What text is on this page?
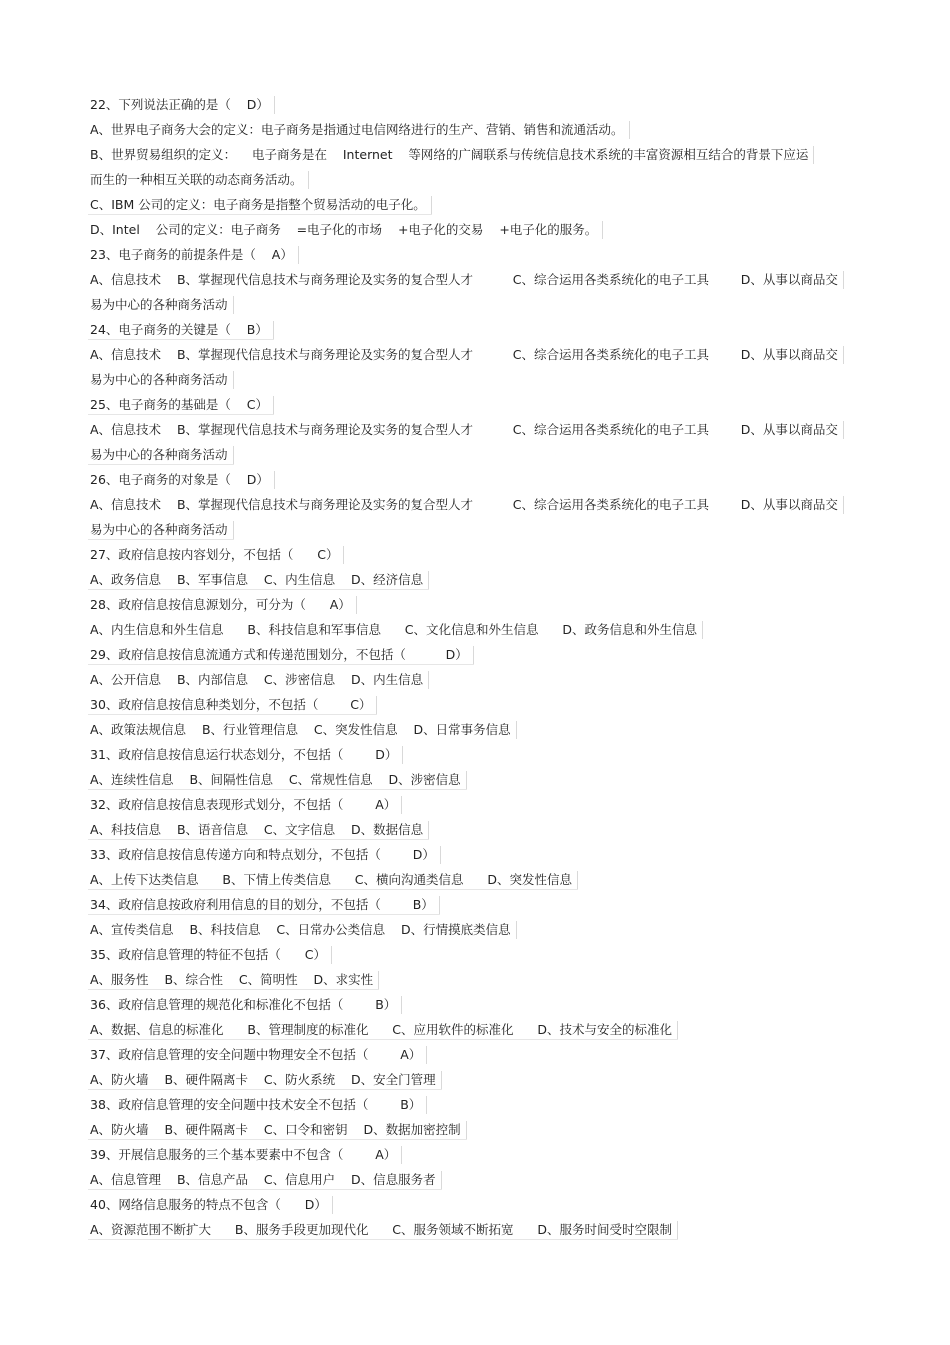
22、下列说法正确的是（    D）
A、世界电子商务大会的定义：电子商务是指通过电信网络进行的生产、营销、销售和流通活动。
B、世界贸易组织的定义：    电子商务是在    Internet    等网络的广阔联系与传统信息技术系统的丰富资源相互结合的背景下应运
而生的一种相互关联的动态商务活动。
C、IBM 公司的定义：电子商务是指整个贸易活动的电子化。
D、Intel    公司的定义：电子商务    =电子化的市场    +电子化的交易    +电子化的服务。
23、电子商务的前提条件是（    A）
A、信息技术    B、掌握现代信息技术与商务理论及实务的复合型人才          C、综合运用各类系统化的电子工具        D、从事以商品交
易为中心的各种商务活动
24、电子商务的关键是（    B）
A、信息技术    B、掌握现代信息技术与商务理论及实务的复合型人才          C、综合运用各类系统化的电子工具        D、从事以商品交
易为中心的各种商务活动
25、电子商务的基础是（    C）
A、信息技术    B、掌握现代信息技术与商务理论及实务的复合型人才          C、综合运用各类系统化的电子工具        D、从事以商品交
易为中心的各种商务活动
26、电子商务的对象是（    D）
A、信息技术    B、掌握现代信息技术与商务理论及实务的复合型人才          C、综合运用各类系统化的电子工具        D、从事以商品交
易为中心的各种商务活动
27、政府信息按内容划分，不包括（      C）
A、政务信息    B、军事信息    C、内生信息    D、经济信息
28、政府信息按信息源划分，可分为（      A）
A、内生信息和外生信息      B、科技信息和军事信息      C、文化信息和外生信息      D、政务信息和外生信息
29、政府信息按信息流通方式和传递范围划分，不包括（          D）
A、公开信息    B、内部信息    C、涉密信息    D、内生信息
30、政府信息按信息种类划分，不包括（        C）
A、政策法规信息    B、行业管理信息    C、突发性信息    D、日常事务信息
31、政府信息按信息运行状态划分，不包括（        D）
A、连续性信息    B、间隔性信息    C、常规性信息    D、涉密信息
32、政府信息按信息表现形式划分，不包括（        A）
A、科技信息    B、语音信息    C、文字信息    D、数据信息
33、政府信息按信息传递方向和特点划分，不包括（        D）
A、上传下达类信息      B、下情上传类信息      C、横向沟通类信息      D、突发性信息
34、政府信息按政府利用信息的目的划分，不包括（        B）
A、宣传类信息    B、科技信息    C、日常办公类信息    D、行情摸底类信息
35、政府信息管理的特征不包括（      C）
A、服务性    B、综合性    C、简明性    D、求实性
36、政府信息管理的规范化和标准化不包括（        B）
A、数据、信息的标准化      B、管理制度的标准化      C、应用软件的标准化      D、技术与安全的标准化
37、政府信息管理的安全问题中物理安全不包括（        A）
A、防火墙    B、硬件隔离卡    C、防火系统    D、安全门管理
38、政府信息管理的安全问题中技术安全不包括（        B）
A、防火墙    B、硬件隔离卡    C、口令和密钥    D、数据加密控制
39、开展信息服务的三个基本要素中不包含（        A）
A、信息管理    B、信息产品    C、信息用户    D、信息服务者
40、网络信息服务的特点不包含（      D）
A、资源范围不断扩大      B、服务手段更加现代化      C、服务领域不断拓宽      D、服务时间受时空限制
